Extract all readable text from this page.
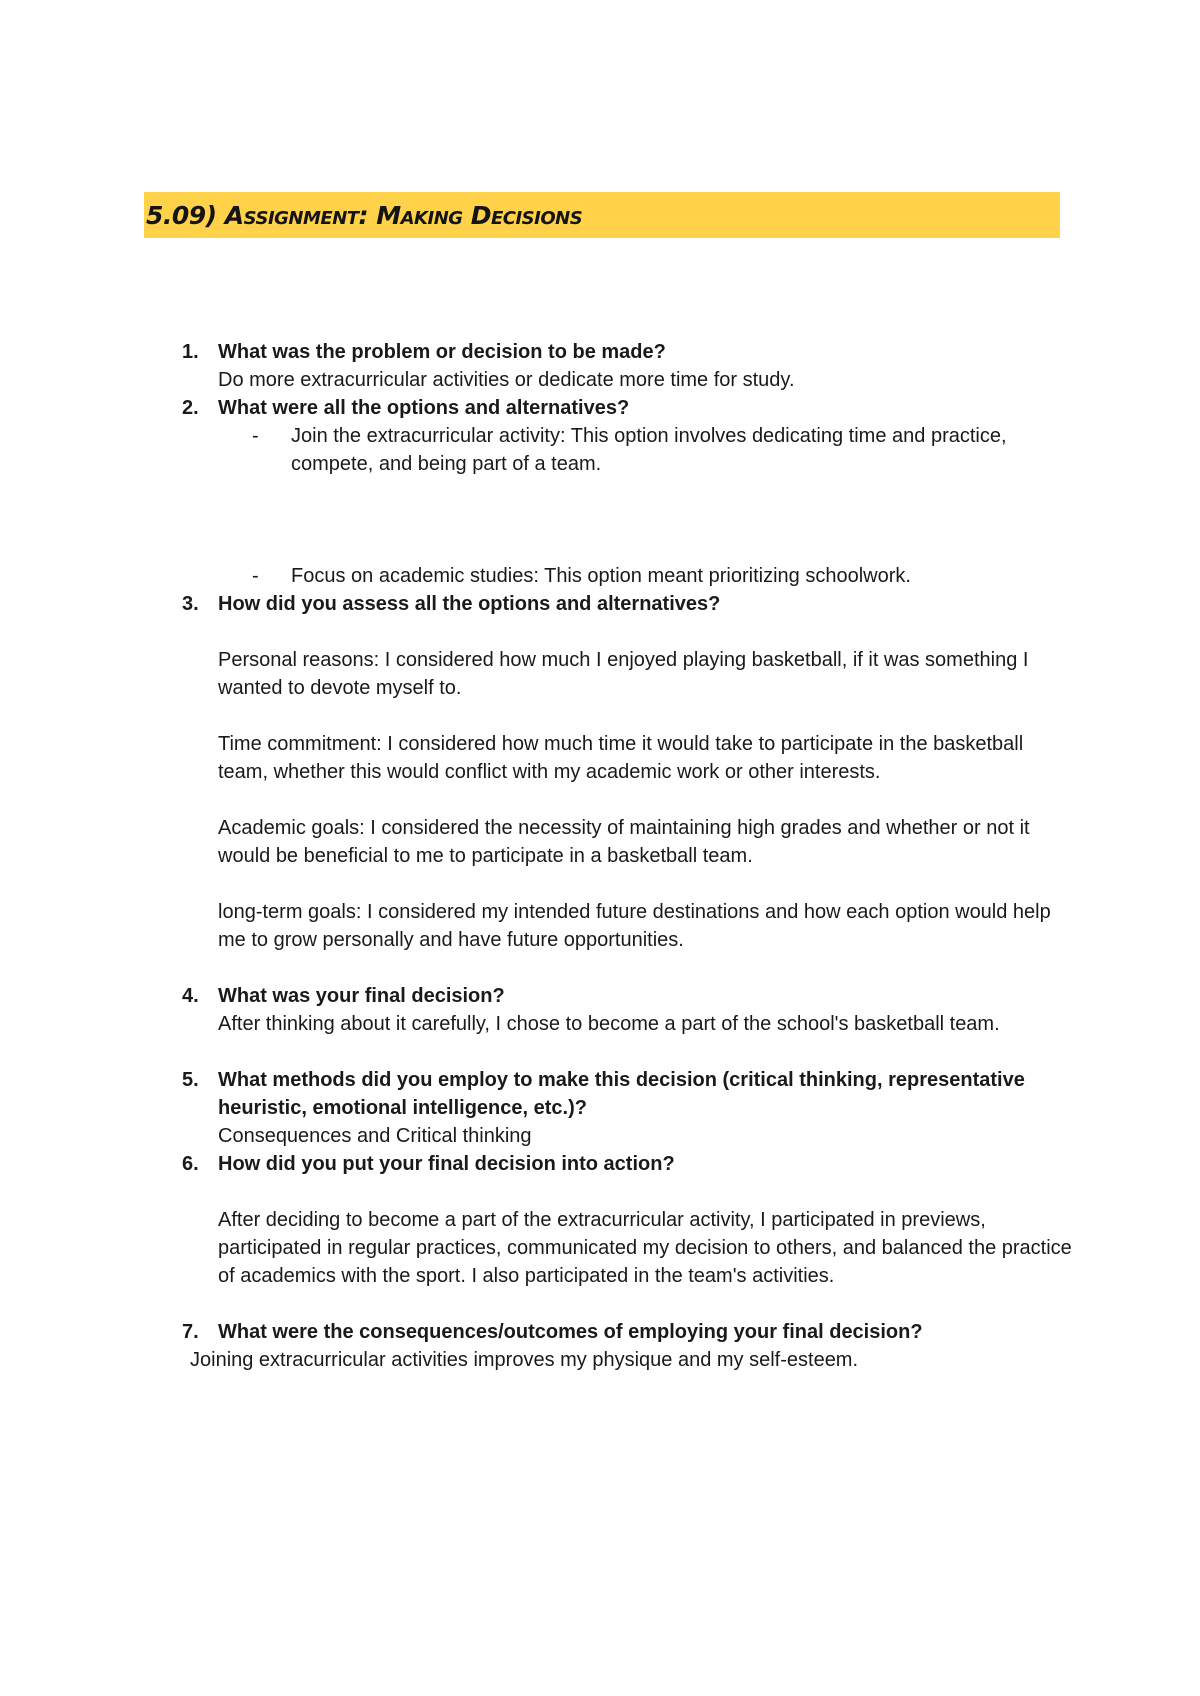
5.09) Assignment: Making Decisions
1. What was the problem or decision to be made?
Do more extracurricular activities or dedicate more time for study.
2. What were all the options and alternatives?
- Join the extracurricular activity: This option involves dedicating time and practice, compete, and being part of a team.
- Focus on academic studies: This option meant prioritizing schoolwork.
3. How did you assess all the options and alternatives?
Personal reasons: I considered how much I enjoyed playing basketball, if it was something I wanted to devote myself to.
Time commitment: I considered how much time it would take to participate in the basketball team, whether this would conflict with my academic work or other interests.
Academic goals: I considered the necessity of maintaining high grades and whether or not it would be beneficial to me to participate in a basketball team.
long-term goals: I considered my intended future destinations and how each option would help me to grow personally and have future opportunities.
4. What was your final decision?
After thinking about it carefully, I chose to become a part of the school's basketball team.
5. What methods did you employ to make this decision (critical thinking, representative heuristic, emotional intelligence, etc.)?
Consequences and Critical thinking
6. How did you put your final decision into action?
After deciding to become a part of the extracurricular activity, I participated in previews, participated in regular practices, communicated my decision to others, and balanced the practice of academics with the sport. I also participated in the team's activities.
7. What were the consequences/outcomes of employing your final decision?
Joining extracurricular activities improves my physique and my self-esteem.
